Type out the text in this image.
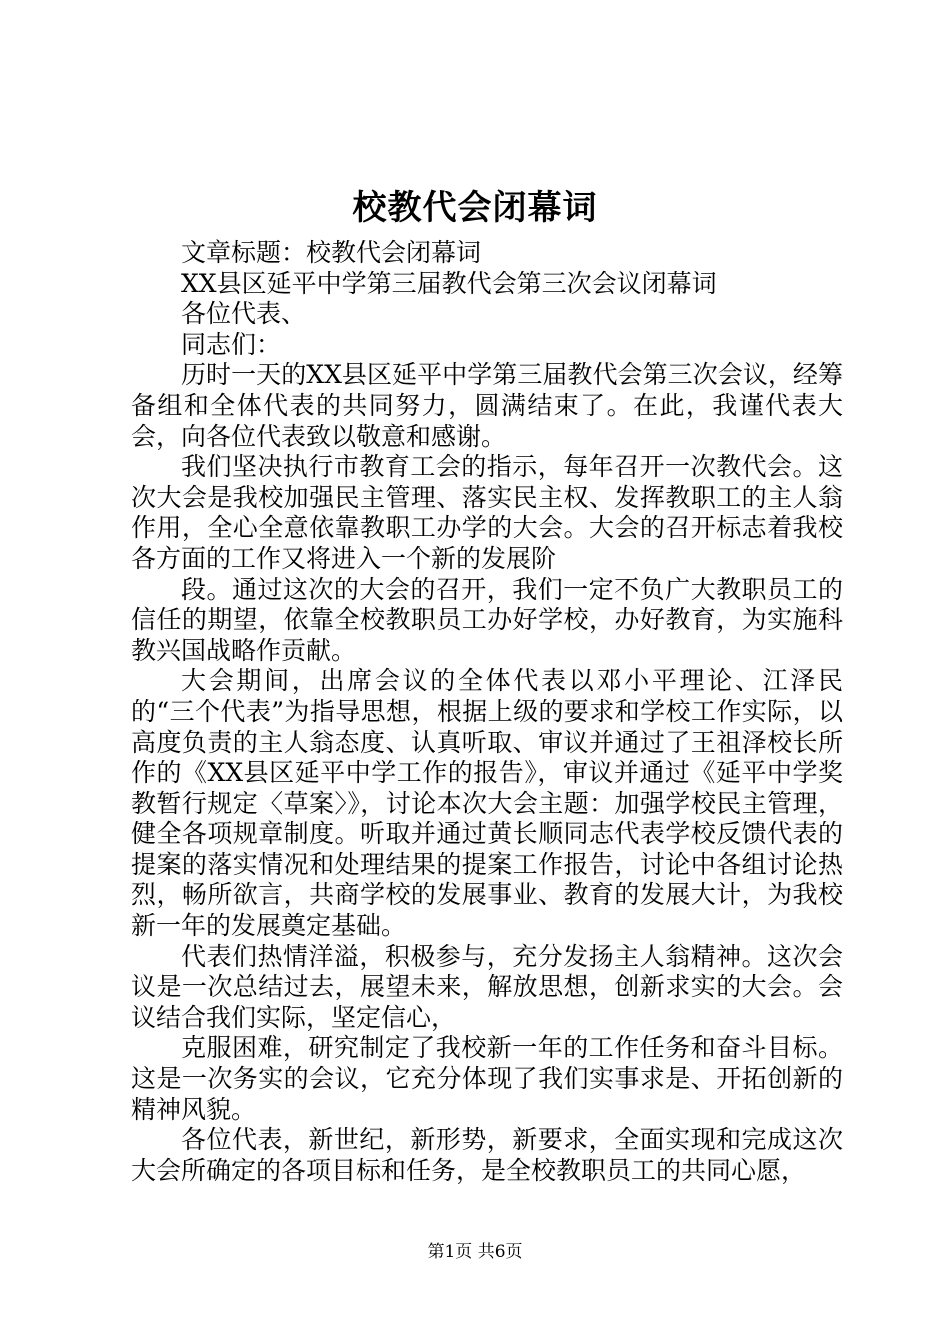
校教代会闭幕词

文章标题：校教代会闭幕词

XX县区延平中学第三届教代会第三次会议闭幕词

各位代表、

同志们：

历时一天的XX县区延平中学第三届教代会第三次会议，经筹备组和全体代表的共同努力，圆满结束了。在此，我谨代表大会，向各位代表致以敬意和感谢。

我们坚决执行市教育工会的指示，每年召开一次教代会。这次大会是我校加强民主管理、落实民主权、发挥教职工的主人翁作用，全心全意依靠教职工办学的大会。大会的召开标志着我校各方面的工作又将进入一个新的发展阶

段。通过这次的大会的召开，我们一定不负广大教职员工的信任的期望，依靠全校教职员工办好学校，办好教育，为实施科教兴国战略作贡献。

大会期间，出席会议的全体代表以邓小平理论、江泽民的“三个代表”为指导思想，根据上级的要求和学校工作实际，以高度负责的主人翁态度、认真听取、审议并通过了王祖泽校长所作的《XX县区延平中学工作的报告》，审议并通过《延平中学奖教暂行规定〈草案〉》，讨论本次大会主题：加强学校民主管理，健全各项规章制度。听取并通过黄长顺同志代表学校反馈代表的提案的落实情况和处理结果的提案工作报告，讨论中各组讨论热烈，畅所欲言，共商学校的发展事业、教育的发展大计，为我校新一年的发展奠定基础。

代表们热情洋溢，积极参与，充分发扬主人翁精神。这次会议是一次总结过去，展望未来，解放思想，创新求实的大会。会议结合我们实际，坚定信心，

克服困难，研究制定了我校新一年的工作任务和奋斗目标。这是一次务实的会议，它充分体现了我们实事求是、开拓创新的精神风貌。

各位代表，新世纪，新形势，新要求，全面实现和完成这次大会所确定的各项目标和任务，是全校教职员工的共同心愿，

第1页 共6页
